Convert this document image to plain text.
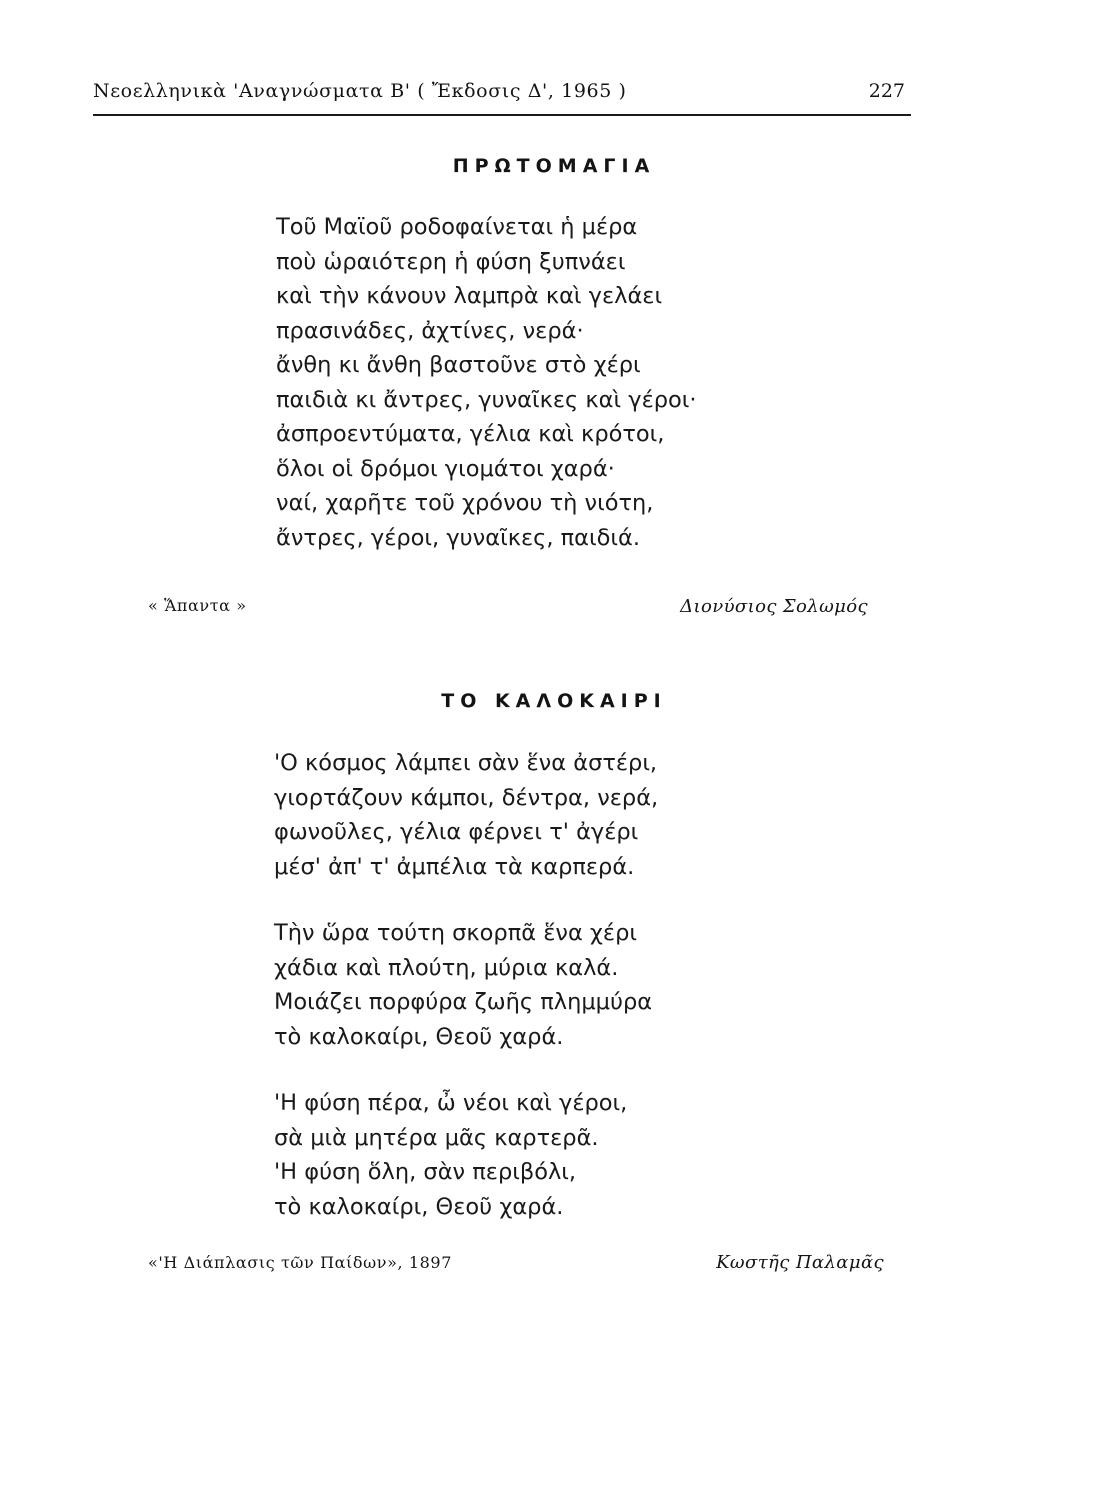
Νεοελληνικὰ 'Αναγνώσματα Β' ( Ἔκδοσις Δ', 1965 )	227
ΠΡΩΤΟΜΑΓΙΑ
Τοῦ Μαϊοῦ ροδοφαίνεται ἡ μέρα
ποὺ ὡραιότερη ἡ φύση ξυπνάει
καὶ τὴν κάνουν λαμπρὰ καὶ γελάει
πρασινάδες, ἀχτίνες, νερά·
ἄνθη κι ἄνθη βαστοῦνε στὸ χέρι
παιδιὰ κι ἄντρες, γυναῖκες καὶ γέροι·
ἀσπροεντύματα, γέλια καὶ κρότοι,
ὅλοι οἱ δρόμοι γιομάτοι χαρά·
ναί, χαρῆτε τοῦ χρόνου τὴ νιότη,
ἄντρες, γέροι, γυναῖκες, παιδιά.
« Ἅπαντα »	Διονύσιος Σολωμός
ΤΟ ΚΑΛΟΚΑΙΡΙ
'Ο κόσμος λάμπει σὰν ἕνα ἀστέρι,
γιορτάζουν κάμποι, δέντρα, νερά,
φωνοῦλες, γέλια φέρνει τ' ἀγέρι
μέσ' ἀπ' τ' ἀμπέλια τὰ καρπερά.
Τὴν ὥρα τούτη σκορπᾶ ἕνα χέρι
χάδια καὶ πλούτη, μύρια καλά.
Μοιάζει πορφύρα ζωῆς πλημμύρα
τὸ καλοκαίρι, Θεοῦ χαρά.
'Η φύση πέρα, ὦ νέοι καὶ γέροι,
σὰ μιὰ μητέρα μᾶς καρτερᾶ.
'Η φύση ὅλη, σὰν περιβόλι,
τὸ καλοκαίρι, Θεοῦ χαρά.
«'Η Διάπλασις τῶν Παίδων», 1897	Κωστῆς Παλαμᾶς
